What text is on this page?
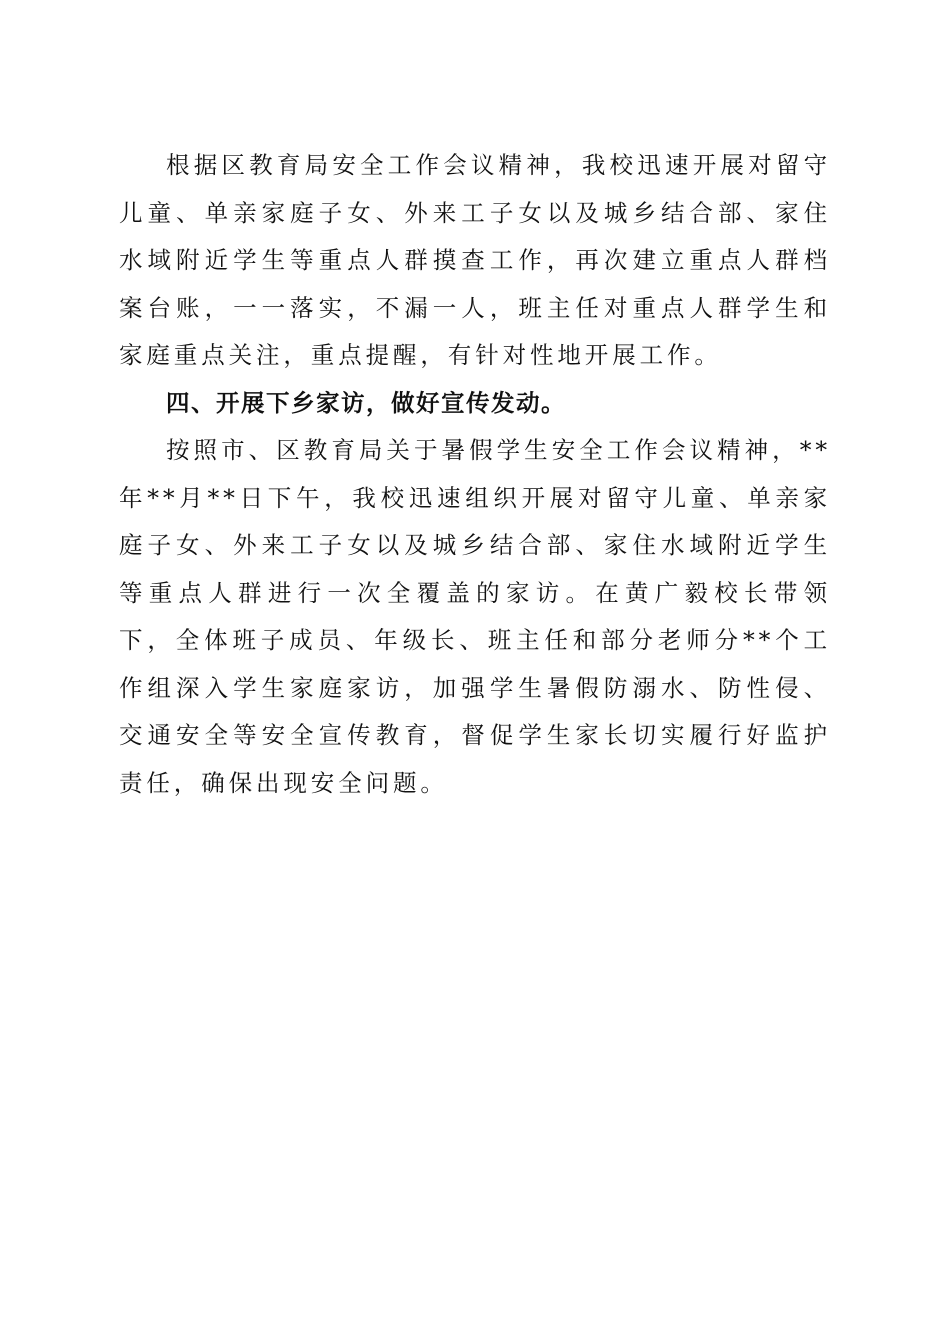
根据区教育局安全工作会议精神，我校迅速开展对留守儿童、单亲家庭子女、外来工子女以及城乡结合部、家住水域附近学生等重点人群摸查工作，再次建立重点人群档案台账，一一落实，不漏一人，班主任对重点人群学生和家庭重点关注，重点提醒，有针对性地开展工作。

四、开展下乡家访，做好宣传发动。

按照市、区教育局关于暑假学生安全工作会议精神，**年**月**日下午，我校迅速组织开展对留守儿童、单亲家庭子女、外来工子女以及城乡结合部、家住水域附近学生等重点人群进行一次全覆盖的家访。在黄广毅校长带领下，全体班子成员、年级长、班主任和部分老师分**个工作组深入学生家庭家访，加强学生暑假防溺水、防性侵、交通安全等安全宣传教育，督促学生家长切实履行好监护责任，确保出现安全问题。
